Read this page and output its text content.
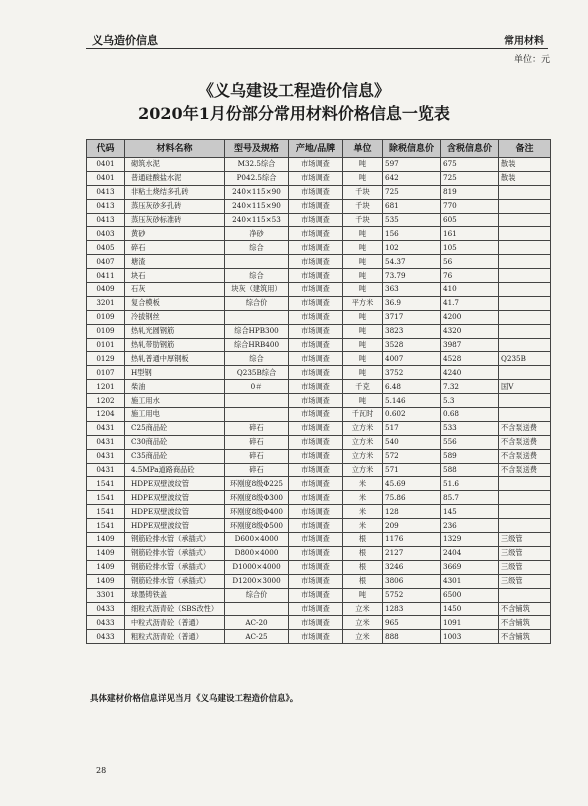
义乌造价信息	常用材料
单位：元
《义乌建设工程造价信息》
2020年1月份部分常用材料价格信息一览表
代码	材料名称	型号及规格	产地/品牌	单位	除税信息价	含税信息价	备注
0401	砌筑水泥	M32.5综合	市场调查	吨	597	675	散装
0401	普通硅酸盐水泥	P042.5综合	市场调查	吨	642	725	散装
0413	非粘土烧结多孔砖	240×115×90	市场调查	千块	725	819	
0413	蒸压灰砂多孔砖	240×115×90	市场调查	千块	681	770	
0413	蒸压灰砂标准砖	240×115×53	市场调查	千块	535	605	
0403	黄砂	净砂	市场调查	吨	156	161	
0405	碎石	综合	市场调查	吨	102	105	
0407	塘渣		市场调查	吨	54.37	56	
0411	块石	综合	市场调查	吨	73.79	76	
0409	石灰	块灰（建筑用）	市场调查	吨	363	410	
3201	复合模板	综合价	市场调查	平方米	36.9	41.7	
0109	冷拔钢丝		市场调查	吨	3717	4200	
0109	热轧光圆钢筋	综合HPB300	市场调查	吨	3823	4320	
0101	热轧带肋钢筋	综合HRB400	市场调查	吨	3528	3987	
0129	热轧普通中厚钢板	综合	市场调查	吨	4007	4528	Q235B
0107	H型钢	Q235B综合	市场调查	吨	3752	4240	
1201	柴油	0＃	市场调查	千克	6.48	7.32	国V
1202	施工用水		市场调查	吨	5.146	5.3	
1204	施工用电		市场调查	千瓦时	0.602	0.68	
0431	C25商品砼	碎石	市场调查	立方米	517	533	不含泵送费
0431	C30商品砼	碎石	市场调查	立方米	540	556	不含泵送费
0431	C35商品砼	碎石	市场调查	立方米	572	589	不含泵送费
0431	4.5MPa道路商品砼	碎石	市场调查	立方米	571	588	不含泵送费
1541	HDPE双壁波纹管	环刚度8级Φ225	市场调查	米	45.69	51.6	
1541	HDPE双壁波纹管	环刚度8级Φ300	市场调查	米	75.86	85.7	
1541	HDPE双壁波纹管	环刚度8级Φ400	市场调查	米	128	145	
1541	HDPE双壁波纹管	环刚度8级Φ500	市场调查	米	209	236	
1409	钢筋砼排水管（承插式）	D600×4000	市场调查	根	1176	1329	三级管
1409	钢筋砼排水管（承插式）	D800×4000	市场调查	根	2127	2404	三级管
1409	钢筋砼排水管（承插式）	D1000×4000	市场调查	根	3246	3669	三级管
1409	钢筋砼排水管（承插式）	D1200×3000	市场调查	根	3806	4301	三级管
3301	球墨铸铁盖	综合价	市场调查	吨	5752	6500	
0433	细粒式沥青砼（SBS改性）		市场调查	立米	1283	1450	不含铺筑
0433	中粒式沥青砼（普通）	AC-20	市场调查	立米	965	1091	不含铺筑
0433	粗粒式沥青砼（普通）	AC-25	市场调查	立米	888	1003	不含铺筑
具体建材价格信息详见当月《义乌建设工程造价信息》。
28
